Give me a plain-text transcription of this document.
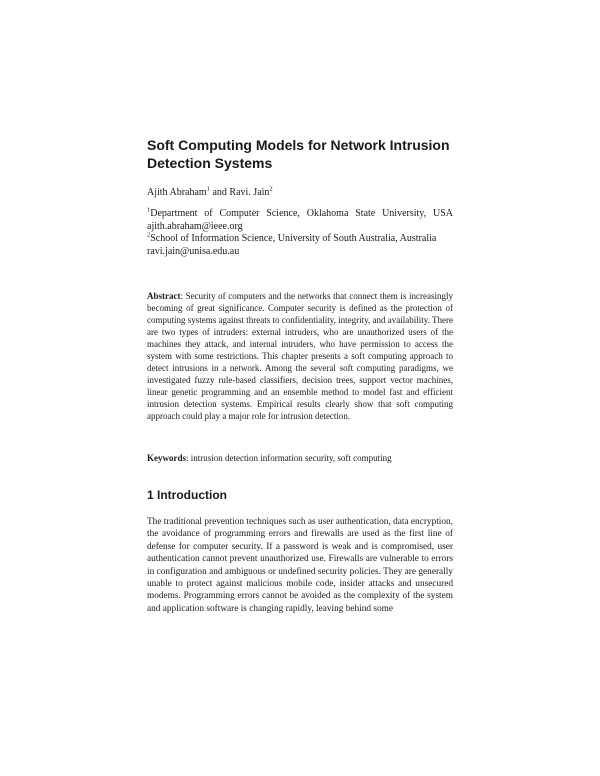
Soft Computing Models for Network Intrusion Detection Systems
Ajith Abraham$^1$ and Ravi. Jain$^2$
$^1$Department of Computer Science, Oklahoma State University, USA
ajith.abraham@ieee.org
$^2$School of Information Science, University of South Australia, Australia
ravi.jain@unisa.edu.au

Abstract: Security of computers and the networks that connect them is increasingly becoming of great significance. Computer security is defined as the protection of computing systems against threats to confidentiality, integrity, and availability. There are two types of intruders: external intruders, who are unauthorized users of the machines they attack, and internal intruders, who have permission to access the system with some restrictions. This chapter presents a soft computing approach to detect intrusions in a network. Among the several soft computing paradigms, we investigated fuzzy rule-based classifiers, decision trees, support vector machines, linear genetic programming and an ensemble method to model fast and efficient intrusion detection systems. Empirical results clearly show that soft computing approach could play a major role for intrusion detection.

Keywords: intrusion detection information security, soft computing

1 Introduction

The traditional prevention techniques such as user authentication, data encryption, the avoidance of programming errors and firewalls are used as the first line of defense for computer security. If a password is weak and is compromised, user authentication cannot prevent unauthorized use. Firewalls are vulnerable to errors in configuration and ambiguous or undefined security policies. They are generally unable to protect against malicious mobile code, insider attacks and unsecured modems. Programming errors cannot be avoided as the complexity of the system and application software is changing rapidly, leaving behind some
